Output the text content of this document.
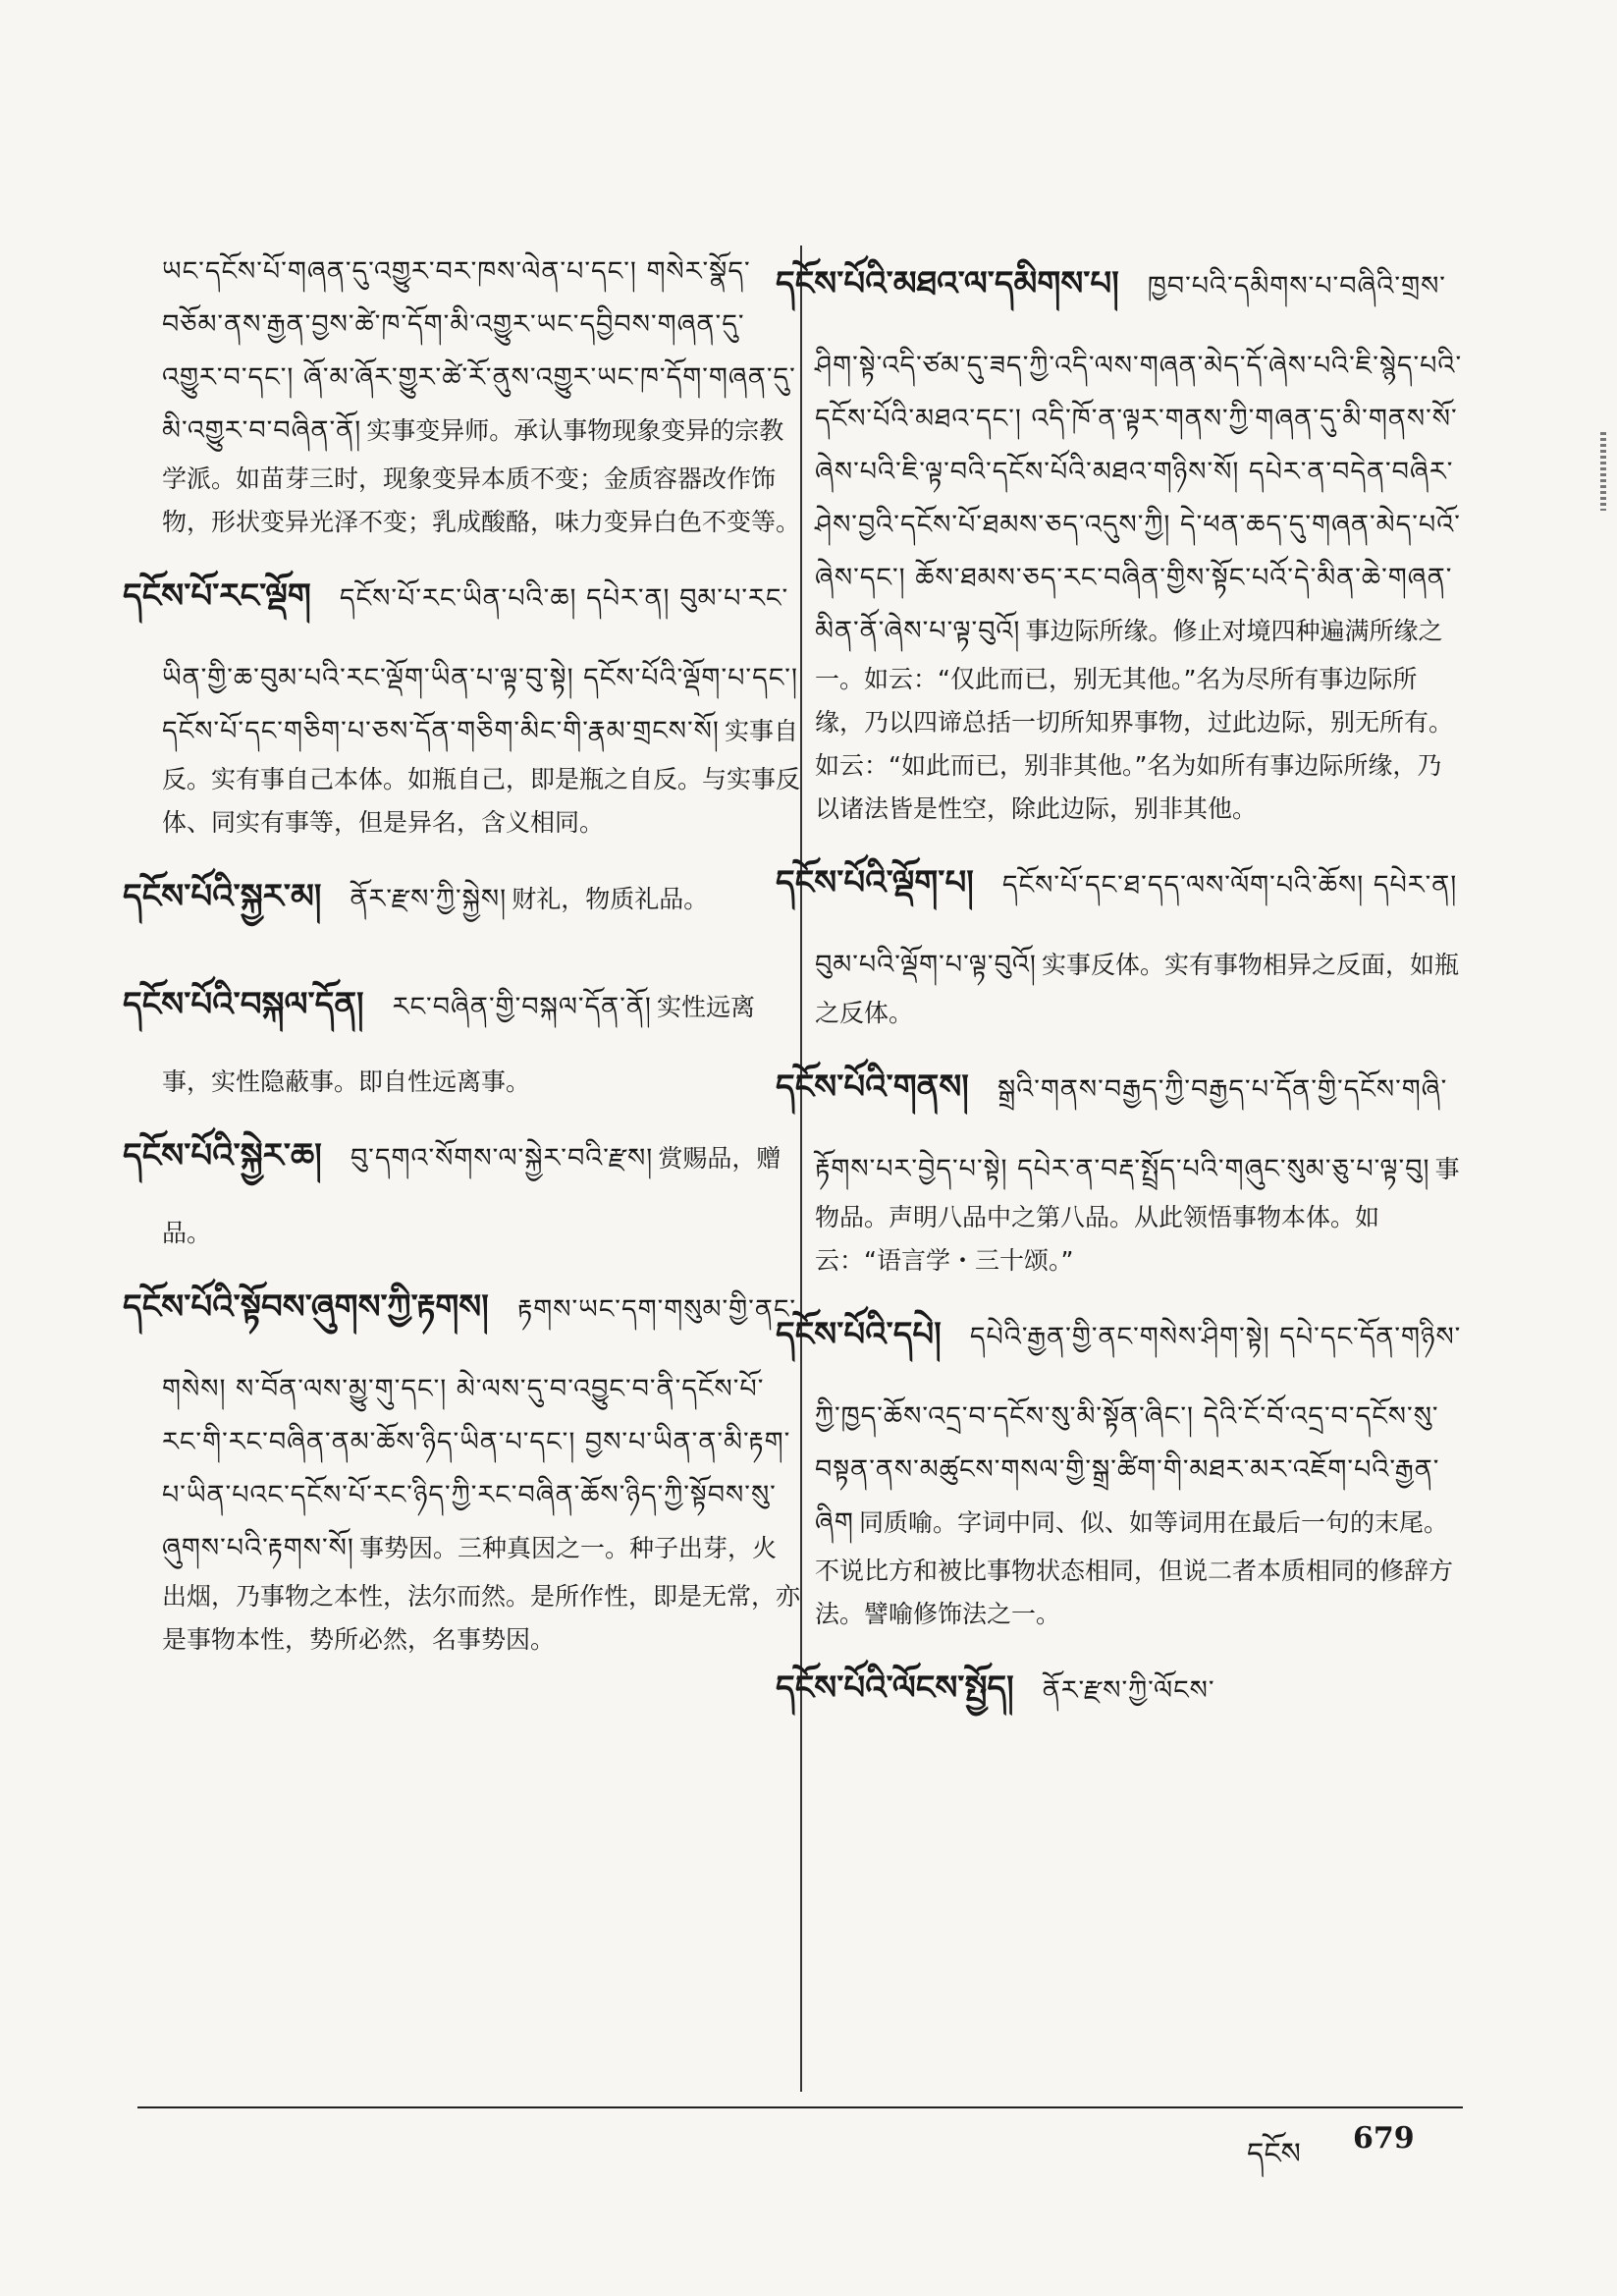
ཡང་དངོས་པོ་གཞན་དུ་འགྱུར་བར་ཁས་ལེན་པ་དང་། གསེར་སྣོད་བཅོམ་ནས་རྒྱན་བྱས་ཚེ་ཁ་དོག་མི་འགྱུར་ཡང་དབྱིབས་གཞན་དུ་འགྱུར་བ་དང་། ཞོ་མ་ཞོར་གྱུར་ཚེ་རོ་ནུས་འགྱུར་ཡང་ཁ་དོག་གཞན་དུ་མི་འགྱུར་བ་བཞིན་ནོ། 实事变异师。承认事物现象变异的宗教学派。如苗芽三时，现象变异本质不变；金质容器改作饰物，形状变异光泽不变；乳成酸酪，味力变异白色不变等。
དངོས་པོ་རང་ལྡོག དངོས་པོ་རང་ཡིན་པའི་ཆ། དཔེར་ན། བུམ་པ་རང་ཡིན་གྱི་ཆ་བུམ་པའི་རང་ལྡོག་ཡིན་པ་ལྟ་བུ་སྟེ། དངོས་པོའི་ལྡོག་པ་དང་། དངོས་པོ་དང་གཅིག་པ་ཅས་དོན་གཅིག་མིང་གི་རྣམ་གྲངས་སོ། 实事自反。实有事自己本体。如瓶自己，即是瓶之自反。与实事反体、同实有事等，但是异名，含义相同。
དངོས་པོའི་སྐྱར་མ། ནོར་རྫས་ཀྱི་སྐྱེས། 财礼，物质礼品。
དངོས་པོའི་བསྐལ་དོན། རང་བཞིན་གྱི་བསྐལ་དོན་ནོ། 实性远离事，实性隐蔽事。即自性远离事。
དངོས་པོའི་སྐྱེར་ཆ། བུ་དགའ་སོགས་ལ་སྐྱེར་བའི་རྫས། 赏赐品，赠品。
དངོས་པོའི་སྟོབས་ཞུགས་ཀྱི་རྟགས། རྟགས་ཡང་དག་གསུམ་གྱི་ནང་གསེས། ས་བོན་ལས་མྱུ་གུ་དང་། མེ་ལས་དུ་བ་འབྱུང་བ་ནི་དངོས་པོ་རང་གི་རང་བཞིན་ནམ་ཆོས་ཉིད་ཡིན་པ་དང་། བྱས་པ་ཡིན་ན་མི་རྟག་པ་ཡིན་པའང་དངོས་པོ་རང་ཉིད་ཀྱི་རང་བཞིན་ཆོས་ཉིད་ཀྱི་སྟོབས་སུ་ཞུགས་པའི་རྟགས་སོ། 事势因。三种真因之一。种子出芽，火出烟，乃事物之本性，法尔而然。是所作性，即是无常，亦是事物本性，势所必然，名事势因。
དངོས་པོའི་མཐའ་ལ་དམིགས་པ། ཁྱབ་པའི་དམིགས་པ་བཞིའི་གྲས་ཤིག་སྟེ་འདི་ཙམ་དུ་ཟད་ཀྱི་འདི་ལས་གཞན་མེད་དོ་ཞེས་པའི་ཇི་སྙེད་པའི་དངོས་པོའི་མཐའ་དང་། འདི་ཁོ་ན་ལྟར་གནས་ཀྱི་གཞན་དུ་མི་གནས་སོ་ཞེས་པའི་ཇི་ལྟ་བའི་དངོས་པོའི་མཐའ་གཉིས་སོ། དཔེར་ན་བདེན་བཞིར་ཤེས་བྱའི་དངོས་པོ་ཐམས་ཅད་འདུས་ཀྱི། དེ་ཕན་ཆད་དུ་གཞན་མེད་པའོ་ཞེས་དང་། ཆོས་ཐམས་ཅད་རང་བཞིན་གྱིས་སྟོང་པའོ་དེ་མིན་ཆེ་གཞན་མིན་ནོ་ཞེས་པ་ལྟ་བུའོ། 事边际所缘。修止对境四种遍满所缘之一。如云：“仅此而已，别无其他。”名为尽所有事边际所缘，乃以四谛总括一切所知界事物，过此边际，别无所有。如云：“如此而已，别非其他。”名为如所有事边际所缘，乃以诸法皆是性空，除此边际，别非其他。
དངོས་པོའི་ལྡོག་པ། དངོས་པོ་དང་ཐ་དད་ལས་ལོག་པའི་ཆོས། དཔེར་ན། བུམ་པའི་ལྡོག་པ་ལྟ་བུའོ། 实事反体。实有事物相异之反面，如瓶之反体。
དངོས་པོའི་གནས། སྒྲའི་གནས་བརྒྱད་ཀྱི་བརྒྱད་པ་དོན་གྱི་དངོས་གཞི་རྟོགས་པར་བྱེད་པ་སྟེ། དཔེར་ན་བརྡ་སྤྲོད་པའི་གཞུང་སུམ་ཅུ་པ་ལྟ་བུ། 事物品。声明八品中之第八品。从此领悟事物本体。如云：“语言学・三十颂。”
དངོས་པོའི་དཔེ། དཔེའི་རྒྱན་གྱི་ནང་གསེས་ཤིག་སྟེ། དཔེ་དང་དོན་གཉིས་ཀྱི་ཁྱད་ཆོས་འདྲ་བ་དངོས་སུ་མི་སྟོན་ཞིང་། དེའི་ངོ་བོ་འདྲ་བ་དངོས་སུ་བསྟན་ནས་མཚུངས་གསལ་གྱི་སྒྲ་ཚིག་གི་མཐར་མར་འཇོག་པའི་རྒྱན་ཞིག 同质喻。字词中同、似、如等词用在最后一句的末尾。不说比方和被比事物状态相同，但说二者本质相同的修辞方法。譬喻修饰法之一。
དངོས་པོའི་ལོངས་སྤྱོད། ནོར་རྫས་ཀྱི་ལོངས་
དངོས 679
